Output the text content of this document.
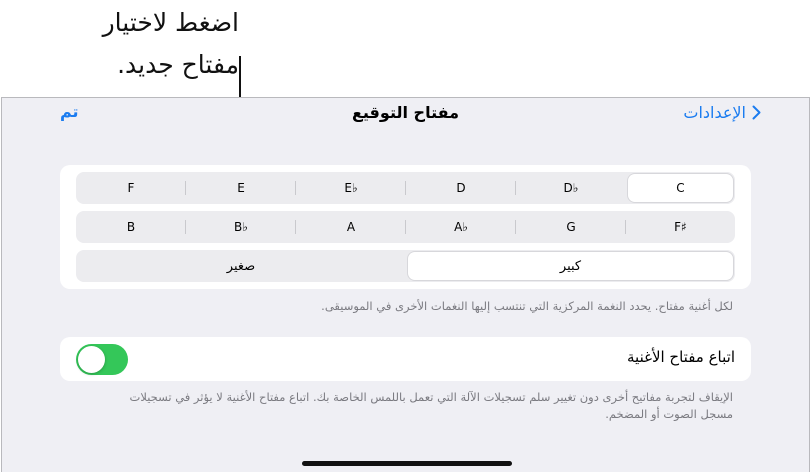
اضغط لاختيار
مفتاح جديد.
الإعدادات
مفتاح التوقيع
تم
F	E	E♭	D	D♭	C
B	B♭	A	A♭	G	F♯
صغير	كبير
لكل أغنية مفتاح. يحدد النغمة المركزية التي تنتسب إليها النغمات الأخرى في الموسيقى.
اتباع مفتاح الأغنية
الإيقاف لتجربة مفاتيح أخرى دون تغيير سلم تسجيلات الآلة التي تعمل باللمس الخاصة بك. اتباع مفتاح الأغنية لا يؤثر في تسجيلات
مسجل الصوت أو المضخم.
